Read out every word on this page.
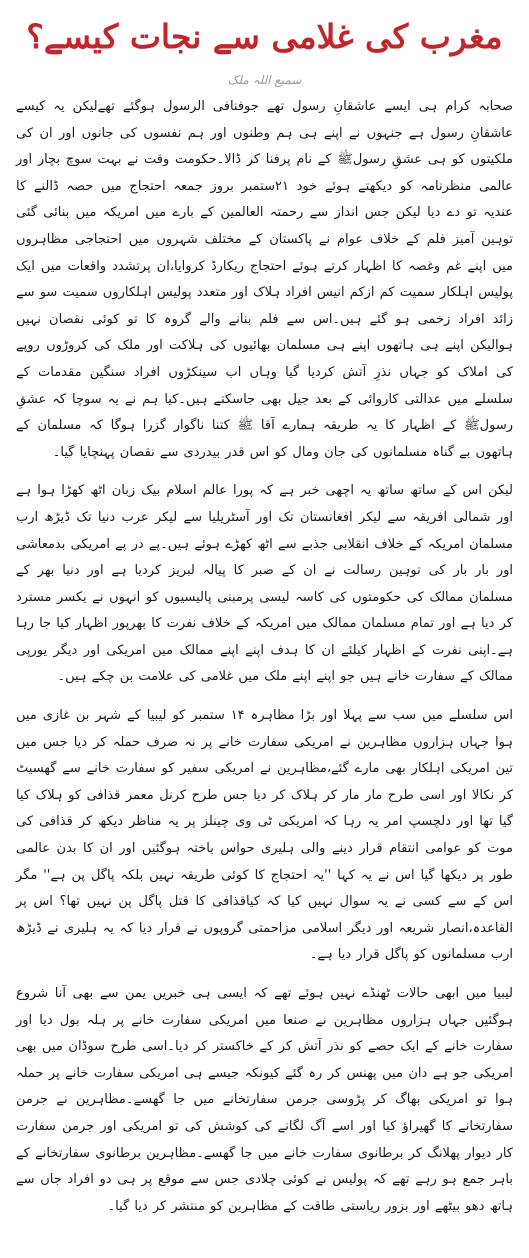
مغرب کی غلامی سے نجات کیسے؟
سمیع اللہ ملک

صحابہ کرام ہی ایسے عاشقانِ رسول تھے جوفنافی الرسول ہوگئے تھےلیکن یہ کیسے عاشقانِ رسول ہے جنہوں نے اپنے ہی ہم وطنوں اور ہم نفسوں کی جانوں اور ان کی ملکیتوں کو ہی عشقِ رسولﷺ کے نام پرفنا کر ڈالا۔حکومت وقت نے بہت سوچ بچار اور عالمی منظرنامہ کو دیکھتے ہوئے خود ۲۱ستمبر بروز جمعہ احتجاج میں حصہ ڈالنے کا عندیہ تو دے دیا لیکن جس انداز سے رحمتہ العالمین کے بارے میں امریکہ میں بنائی گئی توہین آمیز فلم کے خلاف عوام نے پاکستان کے مختلف شہروں میں احتجاجی مظاہروں میں اپنے غم وغصہ کا اظہار کرتے ہوئے احتجاج ریکارڈ کروایا،ان پرتشدد واقعات میں ایک پولیس اہلکار سمیت کم ازکم انیس افراد ہلاک اور متعدد پولیس اہلکاروں سمیت سو سے زائد افراد زخمی ہو گئے ہیں۔اس سے فلم بنانے والے گروہ کا تو کوئی نقصان نہیں ہوالیکن اپنے ہی ہاتھوں اپنے ہی مسلمان بھائیوں کی ہلاکت اور ملک کی کروڑوں روپے کی املاک کو جہاں نذرِ آتش کردیا گیا وہاں اب سینکڑوں افراد سنگین مقدمات کے سلسلے میں عدالتی کاروائی کے بعد جیل بھی جاسکتے ہیں۔کیا ہم نے یہ سوچا کہ عشقِ رسولﷺ کے اظہار کا یہ طریقہ ہمارے آقا ﷺ کتنا ناگوار گزرا ہوگا کہ مسلمان کے ہاتھوں بے گناہ مسلمانوں کی جان ومال کو اس قدر بیدردی سے نقصان پہنچایا گیا۔

لیکن اس کے ساتھ ساتھ یہ اچھی خبر ہے کہ پورا عالم اسلام بیک زبان اٹھ کھڑا ہوا ہے اور شمالی افریقہ سے لیکر افغانستان تک اور آسٹریلیا سے لیکر عرب دنیا تک ڈیڑھ ارب مسلمان امریکہ کے خلاف انقلابی جذبے سے اٹھ کھڑے ہوئے ہیں۔پے در پے امریکی بدمعاشی اور بار بار کی توہین رسالت نے ان کے صبر کا پیالہ لبریز کردیا ہے اور دنیا بھر کے مسلمان ممالک کی حکومتوں کی کاسہ لیسی پرمبنی پالیسیوں کو انہوں نے یکسر مسترد کر دیا ہے اور تمام مسلمان ممالک میں امریکہ کے خلاف نفرت کا بھرپور اظہار کیا جا رہا ہے۔اپنی نفرت کے اظہار کیلئے ان کا ہدف اپنے اپنے ممالک میں امریکی اور دیگر یورپی ممالک کے سفارت خانے ہیں جو اپنے اپنے ملک میں غلامی کی علامت بن چکے ہیں۔

اس سلسلے میں سب سے پہلا اور بڑا مظاہرہ ۱۴ ستمبر کو لیبیا کے شہر بن غازی میں ہوا جہاں ہزاروں مظاہرین نے امریکی سفارت خانے پر نہ صرف حملہ کر دیا جس میں تین امریکی اہلکار بھی مارے گئے،مظاہرین نے امریکی سفیر کو سفارت خانے سے گھسیٹ کر نکالا اور اسی طرح مار مار کر ہلاک کر دیا جس طرح کرنل معمر قذافی کو ہلاک کیا گیا تھا اور دلچسپ امر یہ رہا کہ امریکی ٹی وی چینلز پر یہ مناظر دیکھ کر قذافی کی موت کو عوامی انتقام قرار دینے والی ہلیری حواس باختہ ہوگئیں اور ان کا بدن عالمی طور پر دیکھا گیا اس نے یہ کہا ''یہ احتجاج کا کوئی طریقہ نہیں بلکہ پاگل پن ہے'' مگر اس کے سے کسی نے یہ سوال نہیں کیا کہ کیاقذافی کا قتل پاگل پن نہیں تھا؟ اس پر القاعدہ،انصار شریعہ اور دیگر اسلامی مزاحمتی گروپوں نے قرار دیا کہ یہ ہلیری نے ڈیڑھ ارب مسلمانوں کو پاگل قرار دیا ہے۔

لیبیا میں ابھی حالات ٹھنڈے نہیں ہوئے تھے کہ ایسی ہی خبریں یمن سے بھی آنا شروع ہوگئیں جہاں ہزاروں مظاہرین نے صنعا میں امریکی سفارت خانے پر ہلہ بول دیا اور سفارت خانے کے ایک حصے کو نذر آتش کر کے خاکستر کر دیا۔اسی طرح سوڈان میں بھی امریکی جو ہے دان میں پھنس کر رہ گئے کیونکہ جیسے ہی امریکی سفارت خانے پر حملہ ہوا تو امریکی بھاگ کر پڑوسی جرمن سفارتخانے میں جا گھسے۔مظاہرین نے جرمن سفارتخانے کا گھیراؤ کیا اور اسے آگ لگانے کی کوشش کی تو امریکی اور جرمن سفارت کار دیوار پھلانگ کر برطانوی سفارت خانے میں جا گھسے۔مظاہرین برطانوی سفارتخانے کے باہر جمع ہو رہے تھے کہ پولیس نے کوئی چلادی جس سے موقع پر ہی دو افراد جاں سے ہاتھ دھو بیٹھے اور بزور ریاستی طاقت کے مظاہرین کو منتشر کر دیا گیا۔
